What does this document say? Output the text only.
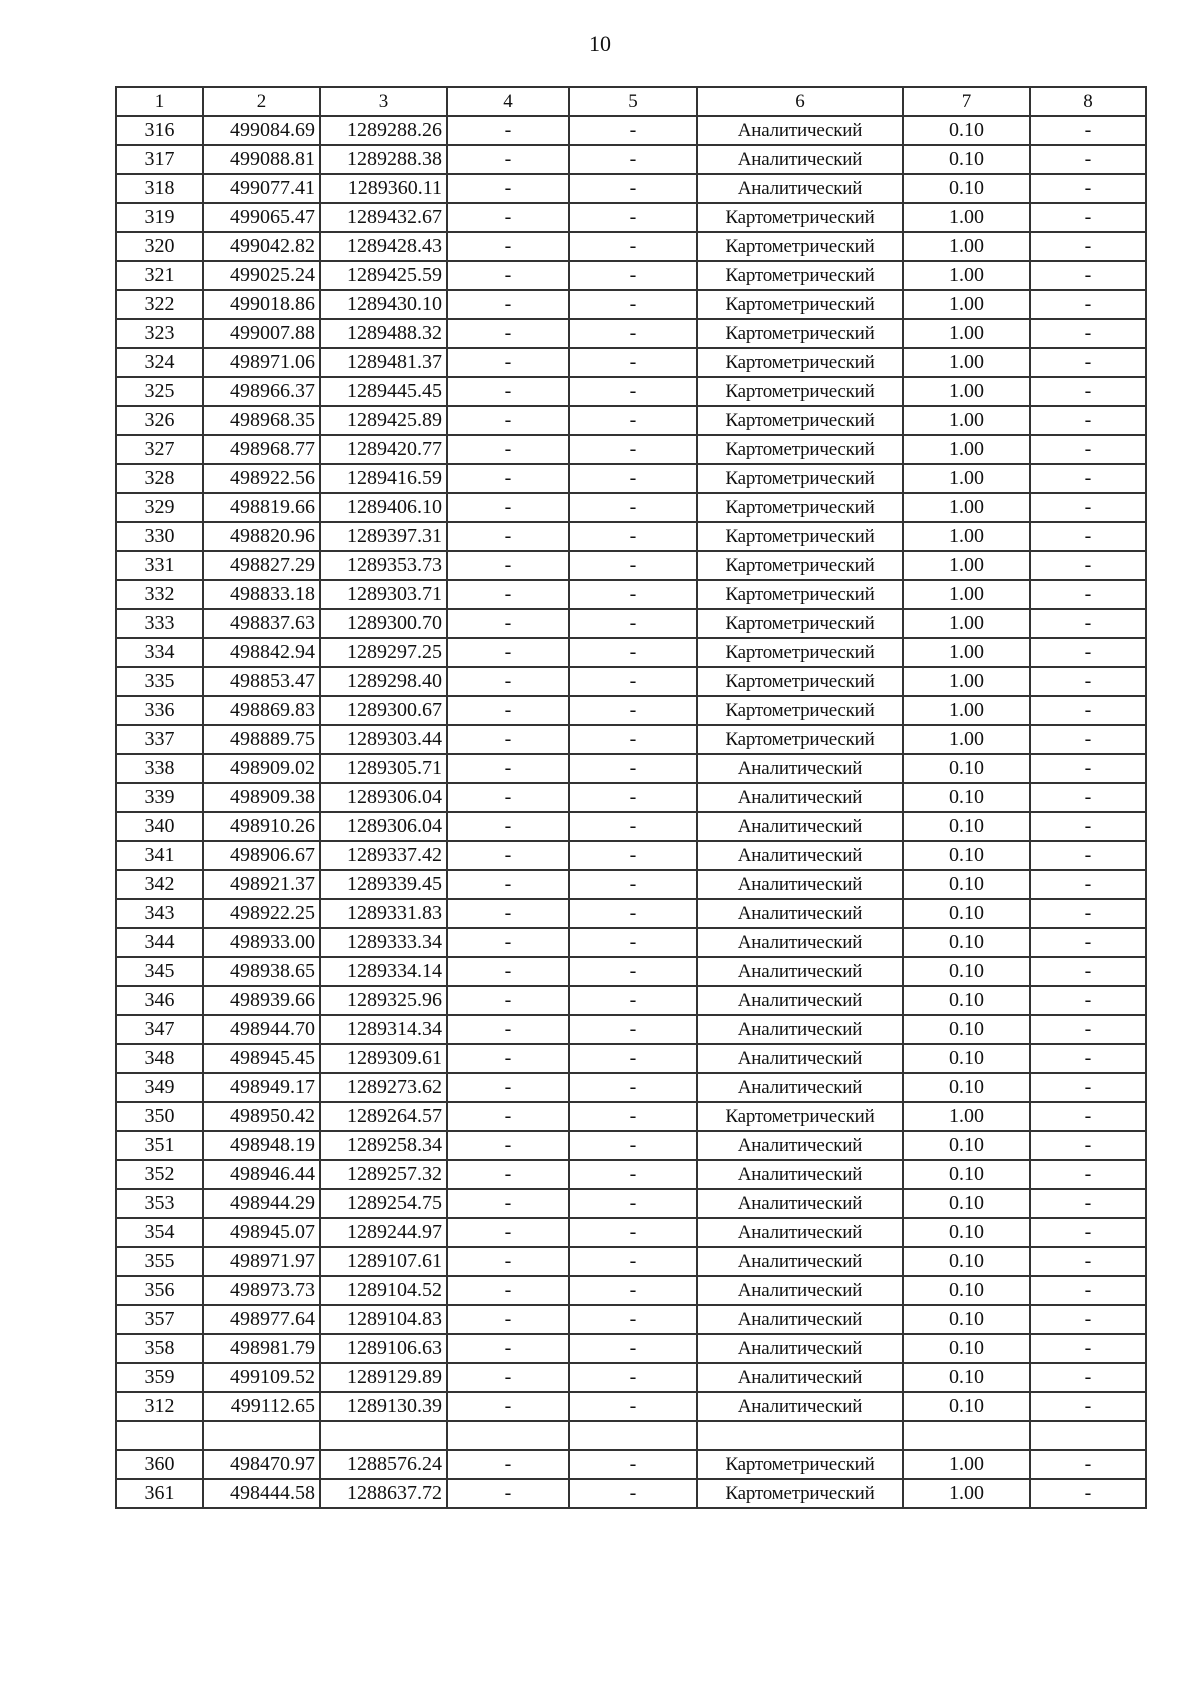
10
1	2	3	4	5	6	7	8
316	499084.69	1289288.26	-	-	Аналитический	0.10	-
317	499088.81	1289288.38	-	-	Аналитический	0.10	-
318	499077.41	1289360.11	-	-	Аналитический	0.10	-
319	499065.47	1289432.67	-	-	Картометрический	1.00	-
320	499042.82	1289428.43	-	-	Картометрический	1.00	-
321	499025.24	1289425.59	-	-	Картометрический	1.00	-
322	499018.86	1289430.10	-	-	Картометрический	1.00	-
323	499007.88	1289488.32	-	-	Картометрический	1.00	-
324	498971.06	1289481.37	-	-	Картометрический	1.00	-
325	498966.37	1289445.45	-	-	Картометрический	1.00	-
326	498968.35	1289425.89	-	-	Картометрический	1.00	-
327	498968.77	1289420.77	-	-	Картометрический	1.00	-
328	498922.56	1289416.59	-	-	Картометрический	1.00	-
329	498819.66	1289406.10	-	-	Картометрический	1.00	-
330	498820.96	1289397.31	-	-	Картометрический	1.00	-
331	498827.29	1289353.73	-	-	Картометрический	1.00	-
332	498833.18	1289303.71	-	-	Картометрический	1.00	-
333	498837.63	1289300.70	-	-	Картометрический	1.00	-
334	498842.94	1289297.25	-	-	Картометрический	1.00	-
335	498853.47	1289298.40	-	-	Картометрический	1.00	-
336	498869.83	1289300.67	-	-	Картометрический	1.00	-
337	498889.75	1289303.44	-	-	Картометрический	1.00	-
338	498909.02	1289305.71	-	-	Аналитический	0.10	-
339	498909.38	1289306.04	-	-	Аналитический	0.10	-
340	498910.26	1289306.04	-	-	Аналитический	0.10	-
341	498906.67	1289337.42	-	-	Аналитический	0.10	-
342	498921.37	1289339.45	-	-	Аналитический	0.10	-
343	498922.25	1289331.83	-	-	Аналитический	0.10	-
344	498933.00	1289333.34	-	-	Аналитический	0.10	-
345	498938.65	1289334.14	-	-	Аналитический	0.10	-
346	498939.66	1289325.96	-	-	Аналитический	0.10	-
347	498944.70	1289314.34	-	-	Аналитический	0.10	-
348	498945.45	1289309.61	-	-	Аналитический	0.10	-
349	498949.17	1289273.62	-	-	Аналитический	0.10	-
350	498950.42	1289264.57	-	-	Картометрический	1.00	-
351	498948.19	1289258.34	-	-	Аналитический	0.10	-
352	498946.44	1289257.32	-	-	Аналитический	0.10	-
353	498944.29	1289254.75	-	-	Аналитический	0.10	-
354	498945.07	1289244.97	-	-	Аналитический	0.10	-
355	498971.97	1289107.61	-	-	Аналитический	0.10	-
356	498973.73	1289104.52	-	-	Аналитический	0.10	-
357	498977.64	1289104.83	-	-	Аналитический	0.10	-
358	498981.79	1289106.63	-	-	Аналитический	0.10	-
359	499109.52	1289129.89	-	-	Аналитический	0.10	-
312	499112.65	1289130.39	-	-	Аналитический	0.10	-

360	498470.97	1288576.24	-	-	Картометрический	1.00	-
361	498444.58	1288637.72	-	-	Картометрический	1.00	-
